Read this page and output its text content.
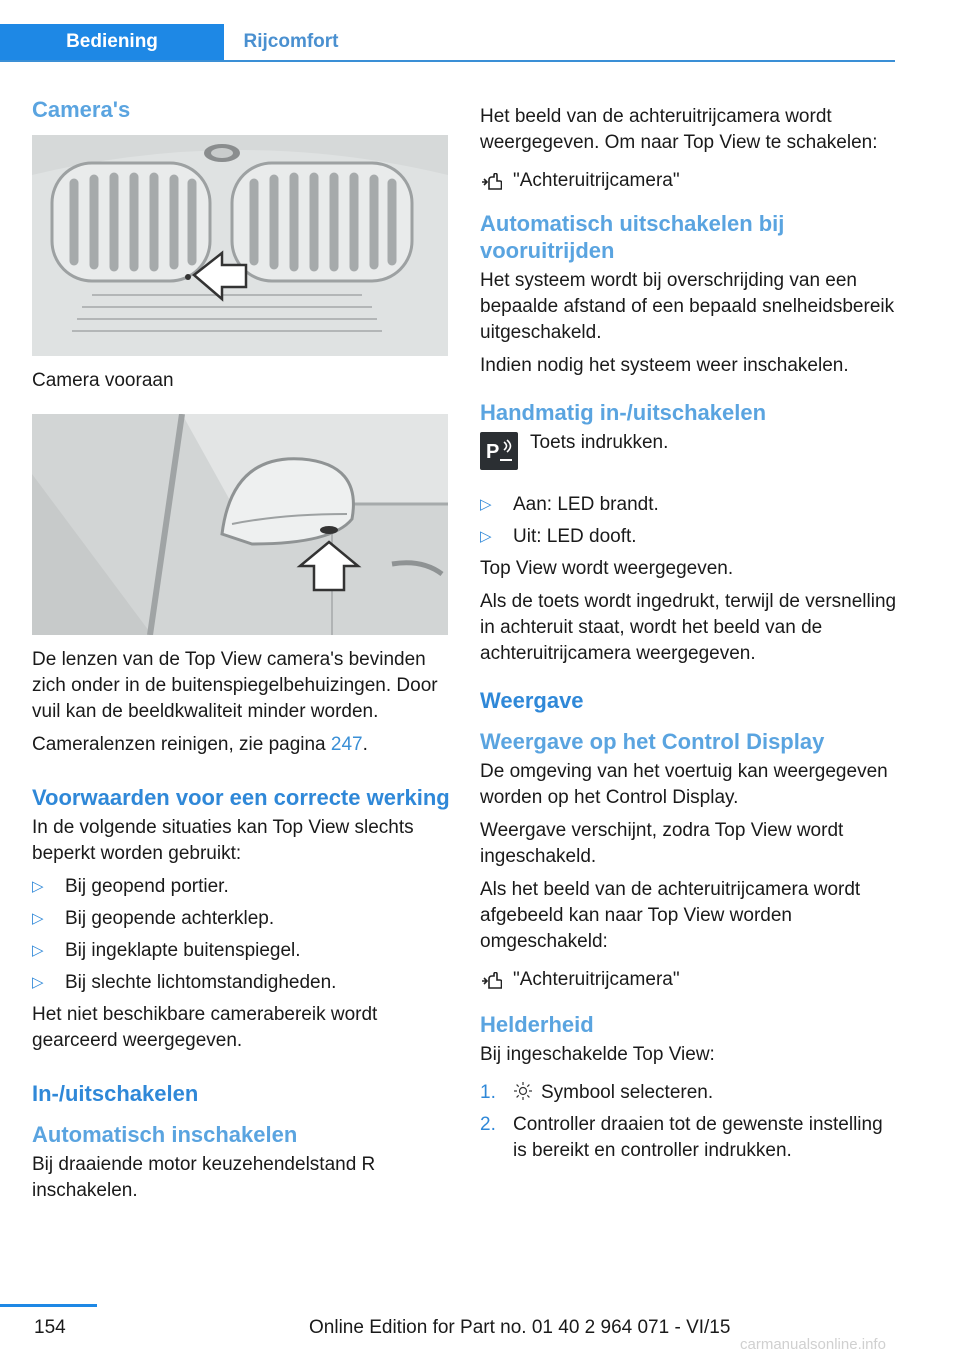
Bediening	Rijcomfort
Camera's

Camera vooraan

De lenzen van de Top View camera's bevinden zich onder in de buitenspiegelbehuizingen. Door vuil kan de beeldkwaliteit minder worden.

Cameralenzen reinigen, zie pagina 247.

Voorwaarden voor een correcte werking

In de volgende situaties kan Top View slechts beperkt worden gebruikt:

▷ Bij geopend portier.
▷ Bij geopende achterklep.
▷ Bij ingeklapte buitenspiegel.
▷ Bij slechte lichtomstandigheden.

Het niet beschikbare camerabereik wordt gearceerd weergegeven.

In-/uitschakelen
Automatisch inschakelen

Bij draaiende motor keuzehendelstand R inschakelen.

Het beeld van de achteruitrijcamera wordt weergegeven. Om naar Top View te schakelen:

"Achteruitrijcamera"
Automatisch uitschakelen bij vooruitrijden

Het systeem wordt bij overschrijding van een bepaalde afstand of een bepaald snelheidsbereik uitgeschakeld.

Indien nodig het systeem weer inschakelen.

Handmatig in-/uitschakelen
P Toets indrukken.
▷ Aan: LED brandt.
▷ Uit: LED dooft.

Top View wordt weergegeven.

Als de toets wordt ingedrukt, terwijl de versnelling in achteruit staat, wordt het beeld van de achteruitrijcamera weergegeven.

Weergave
Weergave op het Control Display

De omgeving van het voertuig kan weergegeven worden op het Control Display.

Weergave verschijnt, zodra Top View wordt ingeschakeld.

Als het beeld van de achteruitrijcamera wordt afgebeeld kan naar Top View worden omgeschakeld:

"Achteruitrijcamera"
Helderheid

Bij ingeschakelde Top View:

1. Symbool selecteren.
2. Controller draaien tot de gewenste instelling is bereikt en controller indrukken.
154	Online Edition for Part no. 01 40 2 964 071 - VI/15
carmanualsonline.info
